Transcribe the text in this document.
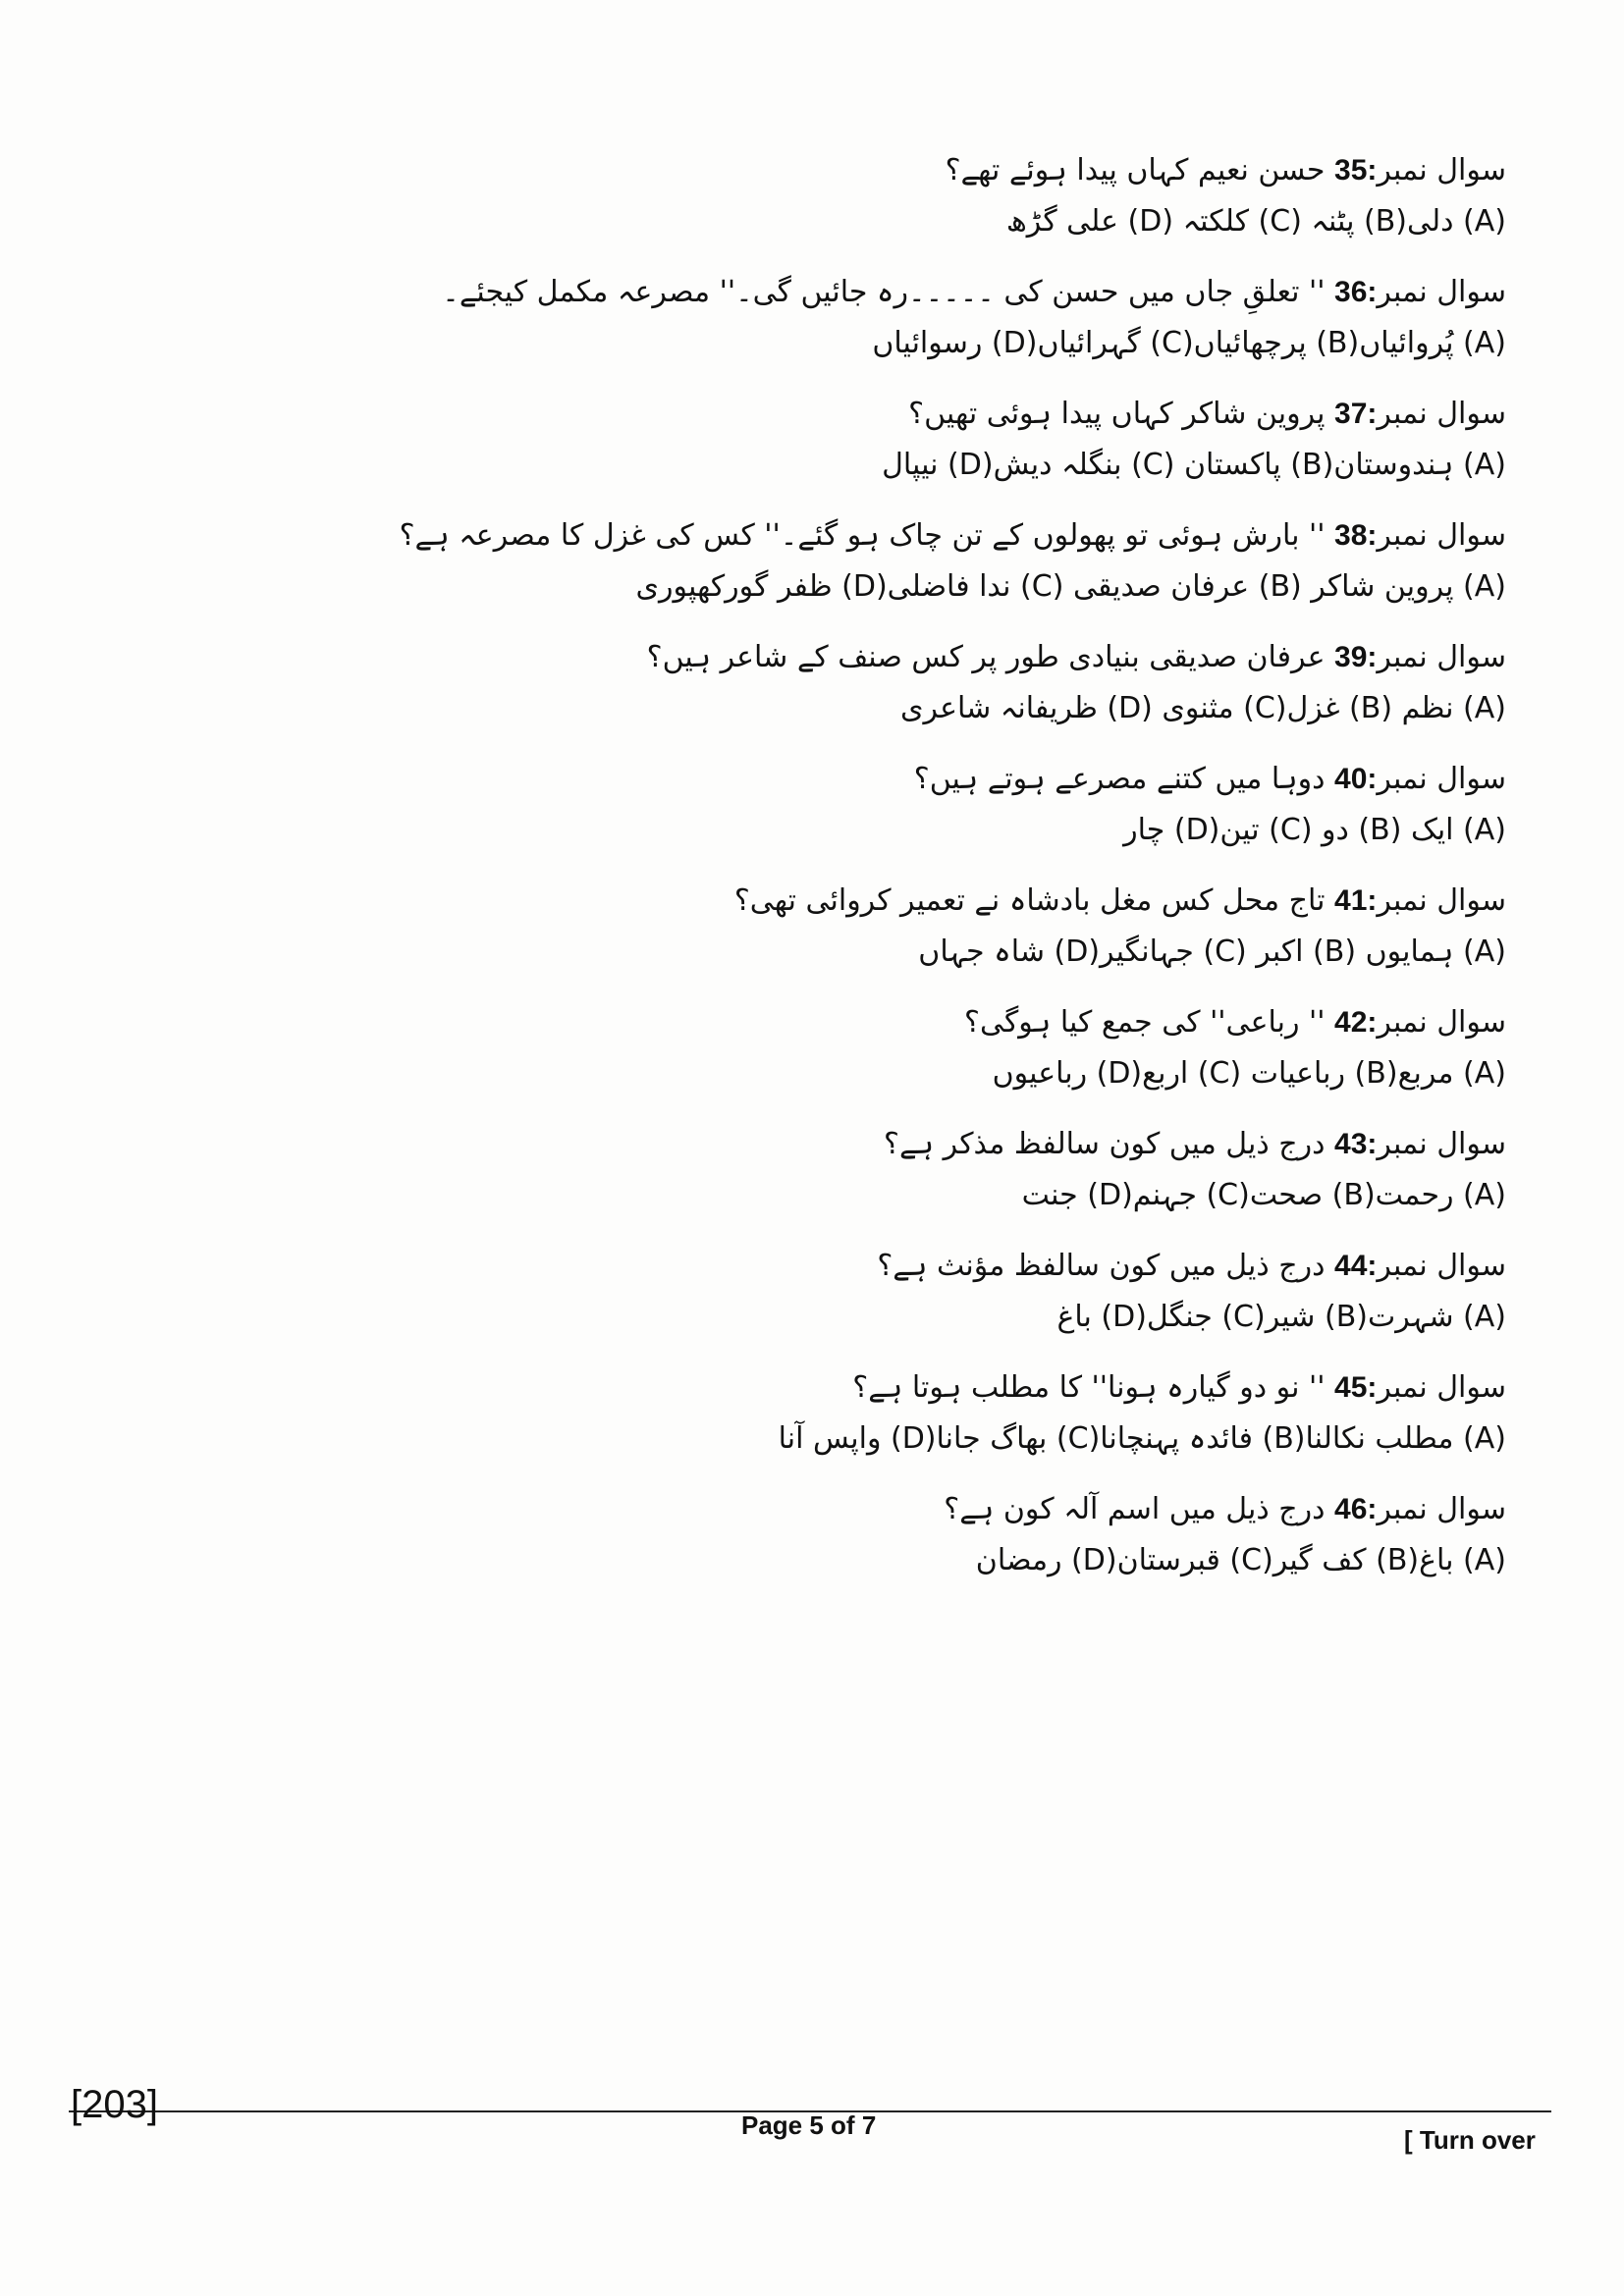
سوال نمبر35: حسن نعیم کہاں پیدا ہوئے تھے؟
(A) دلی(B) پٹنہ (C) کلکتہ (D) علی گڑھ
سوال نمبر36: '' تعلقِ جاں میں حسن کی ۔۔۔۔۔رہ جائیں گی۔'' مصرعہ مکمل کیجئے۔
(A) پُروائیاں(B) پرچھائیاں(C) گہرائیاں(D) رسوائیاں
سوال نمبر37: پروین شاکر کہاں پیدا ہوئی تھیں؟
(A) ہندوستان(B) پاکستان (C) بنگلہ دیش(D) نیپال
سوال نمبر38: '' بارش ہوئی تو پھولوں کے تن چاک ہو گئے۔'' کس کی غزل کا مصرعہ ہے؟
(A) پروین شاکر (B) عرفان صدیقی (C) ندا فاضلی(D) ظفر گورکھپوری
سوال نمبر39: عرفان صدیقی بنیادی طور پر کس صنف کے شاعر ہیں؟
(A) نظم (B) غزل(C) مثنوی (D) ظریفانہ شاعری
سوال نمبر40: دوہا میں کتنے مصرعے ہوتے ہیں؟
(A) ایک (B) دو (C) تین(D) چار
سوال نمبر41: تاج محل کس مغل بادشاہ نے تعمیر کروائی تھی؟
(A) ہمایوں (B) اکبر (C) جہانگیر(D) شاہ جہاں
سوال نمبر42: '' رباعی'' کی جمع کیا ہوگی؟
(A) مربع(B) رباعیات (C) اربع(D) رباعیوں
سوال نمبر43: درج ذیل میں کون سالفظ مذکر ہے؟
(A) رحمت(B) صحت(C) جہنم(D) جنت
سوال نمبر44: درج ذیل میں کون سالفظ مؤنث ہے؟
(A) شہرت(B) شیر(C) جنگل(D) باغ
سوال نمبر45: '' نو دو گیارہ ہونا'' کا مطلب ہوتا ہے؟
(A) مطلب نکالنا(B) فائدہ پہنچانا(C) بھاگ جانا(D) واپس آنا
سوال نمبر46: درج ذیل میں اسم آلہ کون ہے؟
(A) باغ(B) کف گیر(C) قبرستان(D) رمضان
[203]	Page 5 of 7	[ Turn over
